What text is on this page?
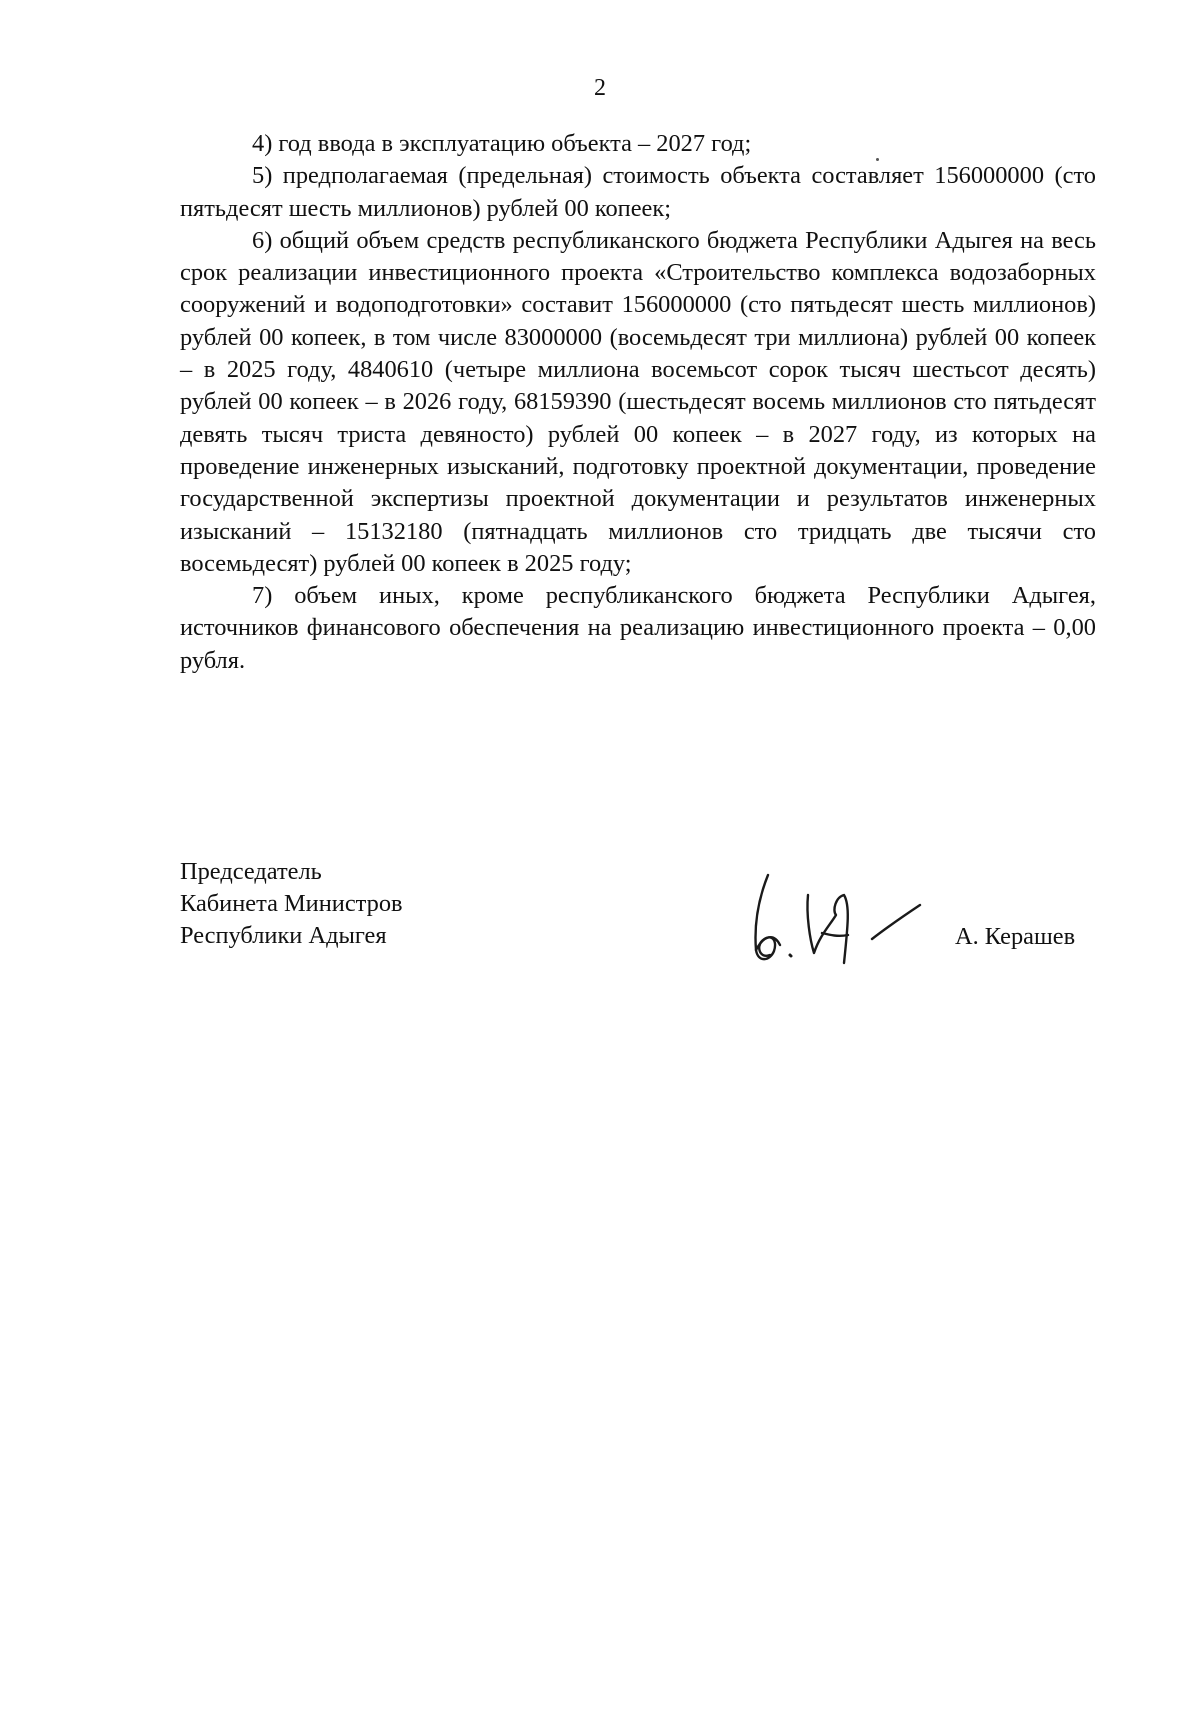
2

4) год ввода в эксплуатацию объекта – 2027 год;

5) предполагаемая (предельная) стоимость объекта составляет 156000000 (сто пятьдесят шесть миллионов) рублей 00 копеек;

6) общий объем средств республиканского бюджета Республики Адыгея на весь срок реализации инвестиционного проекта «Строительство комплекса водозаборных сооружений и водоподготовки» составит 156000000 (сто пятьдесят шесть миллионов) рублей 00 копеек, в том числе 83000000 (восемьдесят три миллиона) рублей 00 копеек – в 2025 году, 4840610 (четыре миллиона восемьсот сорок тысяч шестьсот десять) рублей 00 копеек – в 2026 году, 68159390 (шестьдесят восемь миллионов сто пятьдесят девять тысяч триста девяносто) рублей 00 копеек – в 2027 году, из которых на проведение инженерных изысканий, подготовку проектной документации, проведение государственной экспертизы проектной документации и результатов инженерных изысканий – 15132180 (пятнадцать миллионов сто тридцать две тысячи сто восемьдесят) рублей 00 копеек в 2025 году;

7) объем иных, кроме республиканского бюджета Республики Адыгея, источников финансового обеспечения на реализацию инвестиционного проекта – 0,00 рубля.

Председатель
Кабинета Министров
Республики Адыгея	А. Керашев
